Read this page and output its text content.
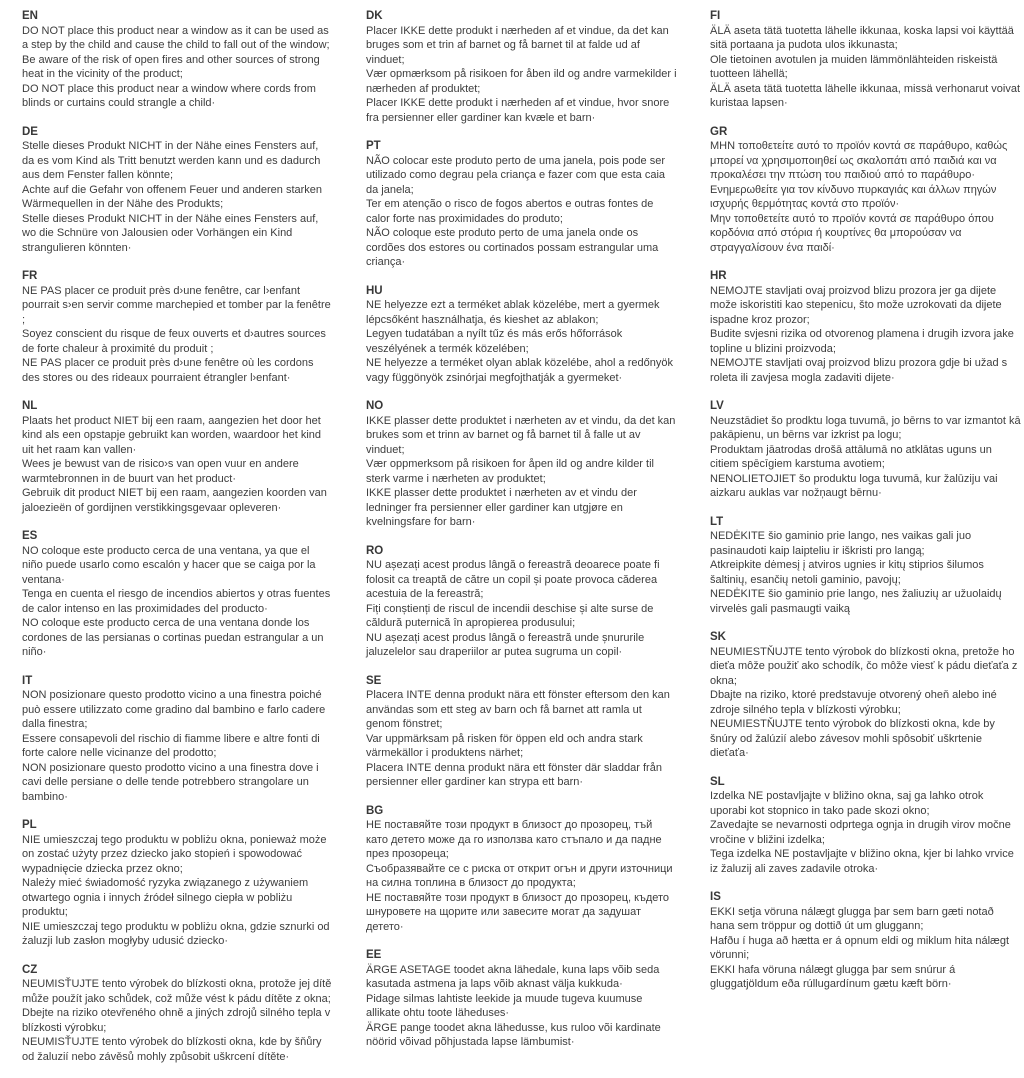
EN

DO NOT place this product near a window as it can be used as a step by the child and cause the child to fall out of the window;

Be aware of the risk of open fires and other sources of strong heat in the vicinity of the product;

DO NOT place this product near a window where cords from blinds or curtains could strangle a child·

DE

Stelle dieses Produkt NICHT in der Nähe eines Fensters auf, da es vom Kind als Tritt benutzt werden kann und es dadurch aus dem Fenster fallen könnte;

Achte auf die Gefahr von offenem Feuer und anderen starken Wärmequellen in der Nähe des Produkts;

Stelle dieses Produkt NICHT in der Nähe eines Fensters auf, wo die Schnüre von Jalousien oder Vorhängen ein Kind strangulieren könnten·

FR

NE PAS placer ce produit près d›une fenêtre, car l›enfant pourrait s›en servir comme marchepied et tomber par la fenêtre ;

Soyez conscient du risque de feux ouverts et d›autres sources de forte chaleur à proximité du produit ;

NE PAS placer ce produit près d›une fenêtre où les cordons des stores ou des rideaux pourraient étrangler l›enfant·

NL

Plaats het product NIET bij een raam, aangezien het door het kind als een opstapje gebruikt kan worden, waardoor het kind uit het raam kan vallen·

Wees je bewust van de risico›s van open vuur en andere warmtebronnen in de buurt van het product·

Gebruik dit product NIET bij een raam, aangezien koorden van jaloezieën of gordijnen verstikkingsgevaar opleveren·

ES

NO coloque este producto cerca de una ventana, ya que el niño puede usarlo como escalón y hacer que se caiga por la ventana·

Tenga en cuenta el riesgo de incendios abiertos y otras fuentes de calor intenso en las proximidades del producto·

NO coloque este producto cerca de una ventana donde los cordones de las persianas o cortinas puedan estrangular a un niño·

IT

NON posizionare questo prodotto vicino a una finestra poiché può essere utilizzato come gradino dal bambino e farlo cadere dalla finestra;

Essere consapevoli del rischio di fiamme libere e altre fonti di forte calore nelle vicinanze del prodotto;

NON posizionare questo prodotto vicino a una finestra dove i cavi delle persiane o delle tende potrebbero strangolare un bambino·

PL

NIE umieszczaj tego produktu w pobliżu okna, ponieważ może on zostać użyty przez dziecko jako stopień i spowodować wypadnięcie dziecka przez okno;

Należy mieć świadomość ryzyka związanego z używaniem otwartego ognia i innych źródeł silnego ciepła w pobliżu produktu;

NIE umieszczaj tego produktu w pobliżu okna, gdzie sznurki od żaluzji lub zasłon mogłyby udusić dziecko·

CZ

NEUMISŤUJTE tento výrobek do blízkosti okna, protože jej dítě může použít jako schůdek, což může vést k pádu dítěte z okna;

Dbejte na riziko otevřeného ohně a jiných zdrojů silného tepla v blízkosti výrobku;

NEUMISŤUJTE tento výrobek do blízkosti okna, kde by šňůry od žaluzií nebo závěsů mohly způsobit uškrcení dítěte·

DK

Placer IKKE dette produkt i nærheden af et vindue, da det kan bruges som et trin af barnet og få barnet til at falde ud af vinduet;

Vær opmærksom på risikoen for åben ild og andre varmekilder i nærheden af produktet;

Placer IKKE dette produkt i nærheden af et vindue, hvor snore fra persienner eller gardiner kan kvæle et barn·

PT

NÃO colocar este produto perto de uma janela, pois pode ser utilizado como degrau pela criança e fazer com que esta caia da janela;

Ter em atenção o risco de fogos abertos e outras fontes de calor forte nas proximidades do produto;

NÃO coloque este produto perto de uma janela onde os cordões dos estores ou cortinados possam estrangular uma criança·

HU

NE helyezze ezt a terméket ablak közelébe, mert a gyermek lépcsőként használhatja, és kieshet az ablakon;

Legyen tudatában a nyílt tűz és más erős hőforrások veszélyének a termék közelében;

NE helyezze a terméket olyan ablak közelébe, ahol a redőnyök vagy függönyök zsinórjai megfojthatják a gyermeket·

NO

IKKE plasser dette produktet i nærheten av et vindu, da det kan brukes som et trinn av barnet og få barnet til å falle ut av vinduet;

Vær oppmerksom på risikoen for åpen ild og andre kilder til sterk varme i nærheten av produktet;

IKKE plasser dette produktet i nærheten av et vindu der ledninger fra persienner eller gardiner kan utgjøre en kvelningsfare for barn·

RO

NU așezați acest produs lângă o fereastră deoarece poate fi folosit ca treaptă de către un copil și poate provoca căderea acestuia de la fereastră;

Fiți conștienți de riscul de incendii deschise și alte surse de căldură puternică în apropierea produsului;

NU așezați acest produs lângă o fereastră unde șnururile jaluzelelor sau draperiilor ar putea sugruma un copil·

SE

Placera INTE denna produkt nära ett fönster eftersom den kan användas som ett steg av barn och få barnet att ramla ut genom fönstret;

Var uppmärksam på risken för öppen eld och andra stark värmekällor i produktens närhet;

Placera INTE denna produkt nära ett fönster där sladdar från persienner eller gardiner kan strypa ett barn·

BG

НЕ поставяйте този продукт в близост до прозорец, тъй като детето може да го използва като стъпало и да падне през прозореца;

Съобразявайте се с риска от открит огън и други източници на силна топлина в близост до продукта;

НЕ поставяйте този продукт в близост до прозорец, където шнуровете на щорите или завесите могат да задушат детето·

EE

ÄRGE ASETAGE toodet akna lähedale, kuna laps võib seda kasutada astmena ja laps võib aknast välja kukkuda·

Pidage silmas lahtiste leekide ja muude tugeva kuumuse allikate ohtu toote läheduses·

ÄRGE pange toodet akna lähedusse, kus ruloo või kardinate nöörid võivad põhjustada lapse lämbumist·

FI

ÄLÄ aseta tätä tuotetta lähelle ikkunaa, koska lapsi voi käyttää sitä portaana ja pudota ulos ikkunasta;

Ole tietoinen avotulen ja muiden lämmönlähteiden riskeistä tuotteen lähellä;

ÄLÄ aseta tätä tuotetta lähelle ikkunaa, missä verhonarut voivat kuristaa lapsen·

GR

ΜΗΝ τοποθετείτε αυτό το προϊόν κοντά σε παράθυρο, καθώς μπορεί να χρησιμοποιηθεί ως σκαλοπάτι από παιδιά και να προκαλέσει την πτώση του παιδιού από το παράθυρο·

Ενημερωθείτε για τον κίνδυνο πυρκαγιάς και άλλων πηγών ισχυρής θερμότητας κοντά στο προϊόν·

Μην τοποθετείτε αυτό το προϊόν κοντά σε παράθυρο όπου κορδόνια από στόρια ή κουρτίνες θα μπορούσαν να στραγγαλίσουν ένα παιδί·

HR

NEMOJTE stavljati ovaj proizvod blizu prozora jer ga dijete može iskoristiti kao stepenicu, što može uzrokovati da dijete ispadne kroz prozor;

Budite svjesni rizika od otvorenog plamena i drugih izvora jake topline u blizini proizvoda;

NEMOJTE stavljati ovaj proizvod blizu prozora gdje bi užad s roleta ili zavjesa mogla zadaviti dijete·

LV

Neuzstādiet šo prodktu loga tuvumā, jo bērns to var izmantot kā pakāpienu, un bērns var izkrist pa logu;

Produktam jāatrodas drošā attālumā no atklātas uguns un citiem spēcīgiem karstuma avotiem;

NENOLIETOJIET šo produktu loga tuvumā, kur žalūziju vai aizkaru auklas var nožņaugt bērnu·

LT

NEDĖKITE šio gaminio prie lango, nes vaikas gali juo pasinaudoti kaip laipteliu ir iškristi pro langą;

Atkreipkite dėmesį į atviros ugnies ir kitų stiprios šilumos šaltinių, esančių netoli gaminio, pavojų;

NEDĖKITE šio gaminio prie lango, nes žaliuzių ar užuolaidų virvelės gali pasmaugti vaiką

SK

NEUMIESTŇUJTE tento výrobok do blízkosti okna, pretože ho dieťa môže použiť ako schodík, čo môže viesť k pádu dieťaťa z okna;

Dbajte na riziko, ktoré predstavuje otvorený oheň alebo iné zdroje silného tepla v blízkosti výrobku;

NEUMIESTŇUJTE tento výrobok do blízkosti okna, kde by šnúry od žalúzií alebo závesov mohli spôsobiť uškrtenie dieťaťa·

SL

Izdelka NE postavljajte v bližino okna, saj ga lahko otrok uporabi kot stopnico in tako pade skozi okno;

Zavedajte se nevarnosti odprtega ognja in drugih virov močne vročine v bližini izdelka;

Tega izdelka NE postavljajte v bližino okna, kjer bi lahko vrvice iz žaluzij ali zaves zadavile otroka·

IS

EKKI setja vöruna nálægt glugga þar sem barn gæti notað hana sem tröppur og dottið út um gluggann;

Hafðu í huga að hætta er á opnum eldi og miklum hita nálægt vörunni;

EKKI hafa vöruna nálægt glugga þar sem snúrur á gluggatjöldum eða rúllugardínum gætu kæft börn·
